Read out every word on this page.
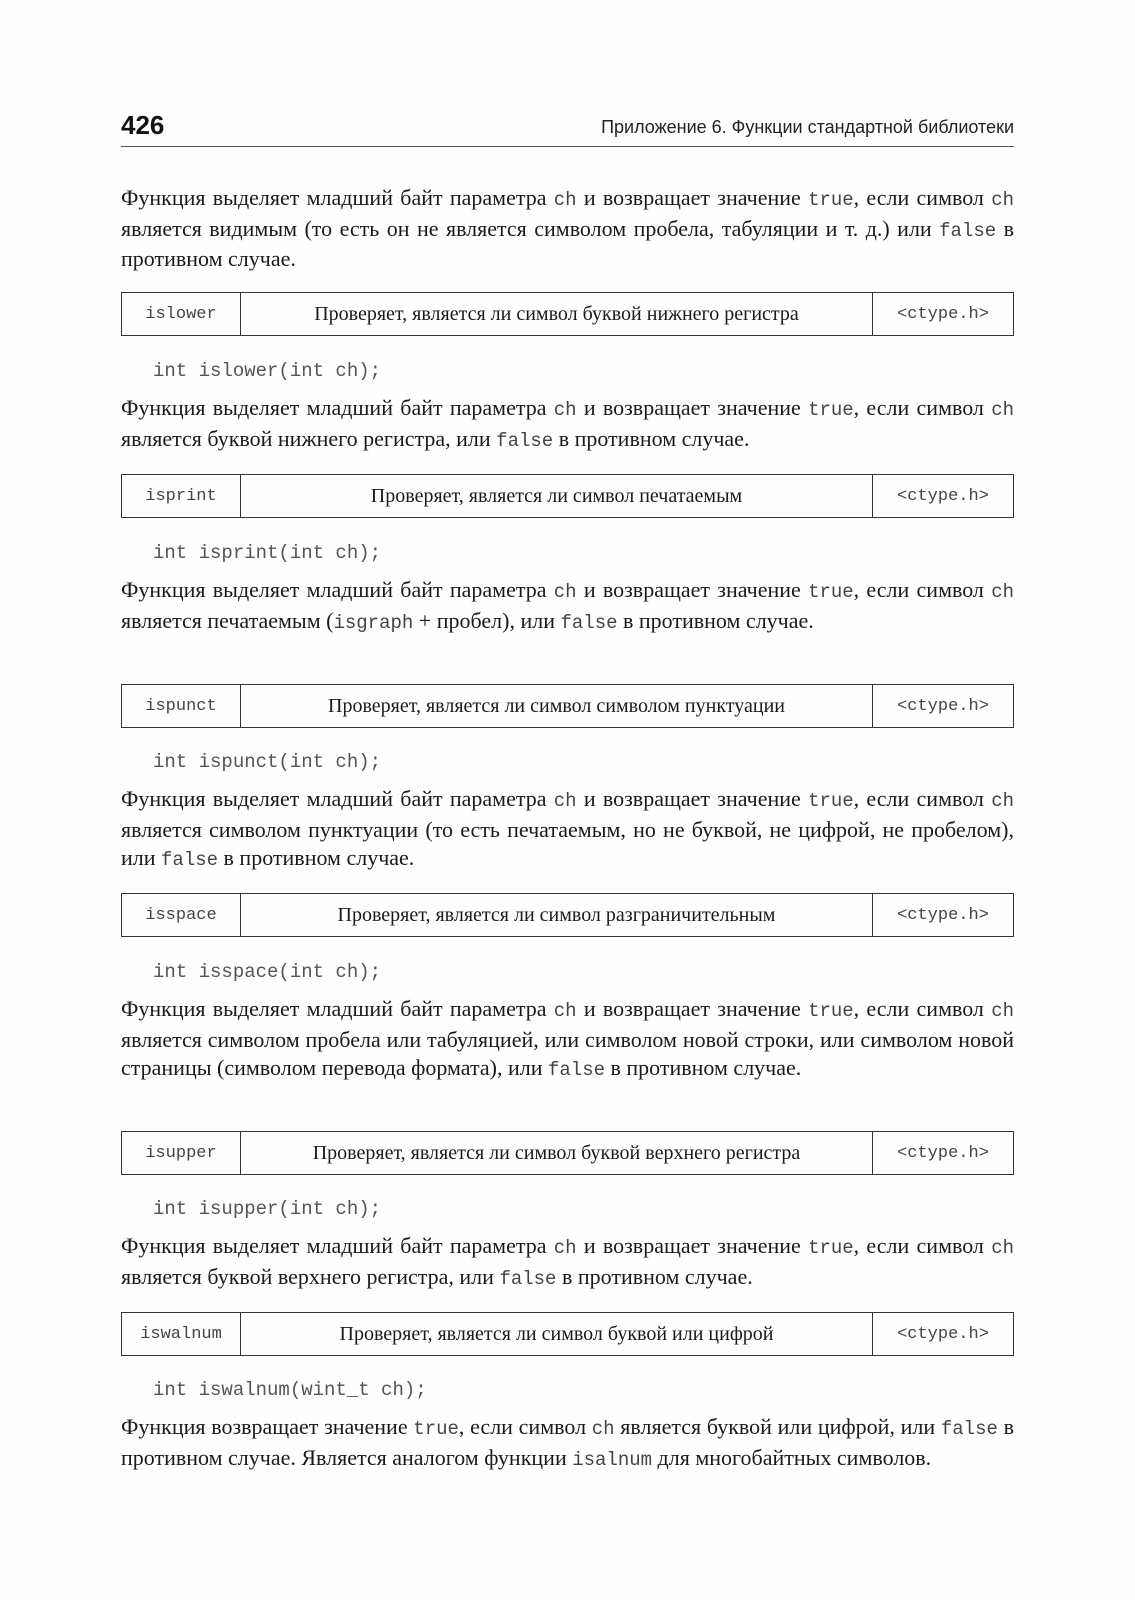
426	Приложение 6. Функции стандартной библиотеки

Функция выделяет младший байт параметра ch и возвращает значение true, если символ ch является видимым (то есть он не является символом пробела, табуляции и т. д.) или false в противном случае.

islower	Проверяет, является ли символ буквой нижнего регистра	<ctype.h>
int islower(int ch);

Функция выделяет младший байт параметра ch и возвращает значение true, если символ ch является буквой нижнего регистра, или false в противном случае.

isprint	Проверяет, является ли символ печатаемым	<ctype.h>
int isprint(int ch);

Функция выделяет младший байт параметра ch и возвращает значение true, если символ ch является печатаемым (isgraph + пробел), или false в противном случае.

ispunct	Проверяет, является ли символ символом пунктуации	<ctype.h>
int ispunct(int ch);

Функция выделяет младший байт параметра ch и возвращает значение true, если символ ch является символом пунктуации (то есть печатаемым, но не буквой, не цифрой, не пробелом), или false в противном случае.

isspace	Проверяет, является ли символ разграничительным	<ctype.h>
int isspace(int ch);

Функция выделяет младший байт параметра ch и возвращает значение true, если символ ch является символом пробела или табуляцией, или символом новой строки, или символом новой страницы (символом перевода формата), или false в противном случае.

isupper	Проверяет, является ли символ буквой верхнего регистра	<ctype.h>
int isupper(int ch);

Функция выделяет младший байт параметра ch и возвращает значение true, если символ ch является буквой верхнего регистра, или false в противном случае.

iswalnum	Проверяет, является ли символ буквой или цифрой	<ctype.h>
int iswalnum(wint_t ch);

Функция возвращает значение true, если символ ch является буквой или цифрой, или false в противном случае. Является аналогом функции isalnum для многобайтных символов.
